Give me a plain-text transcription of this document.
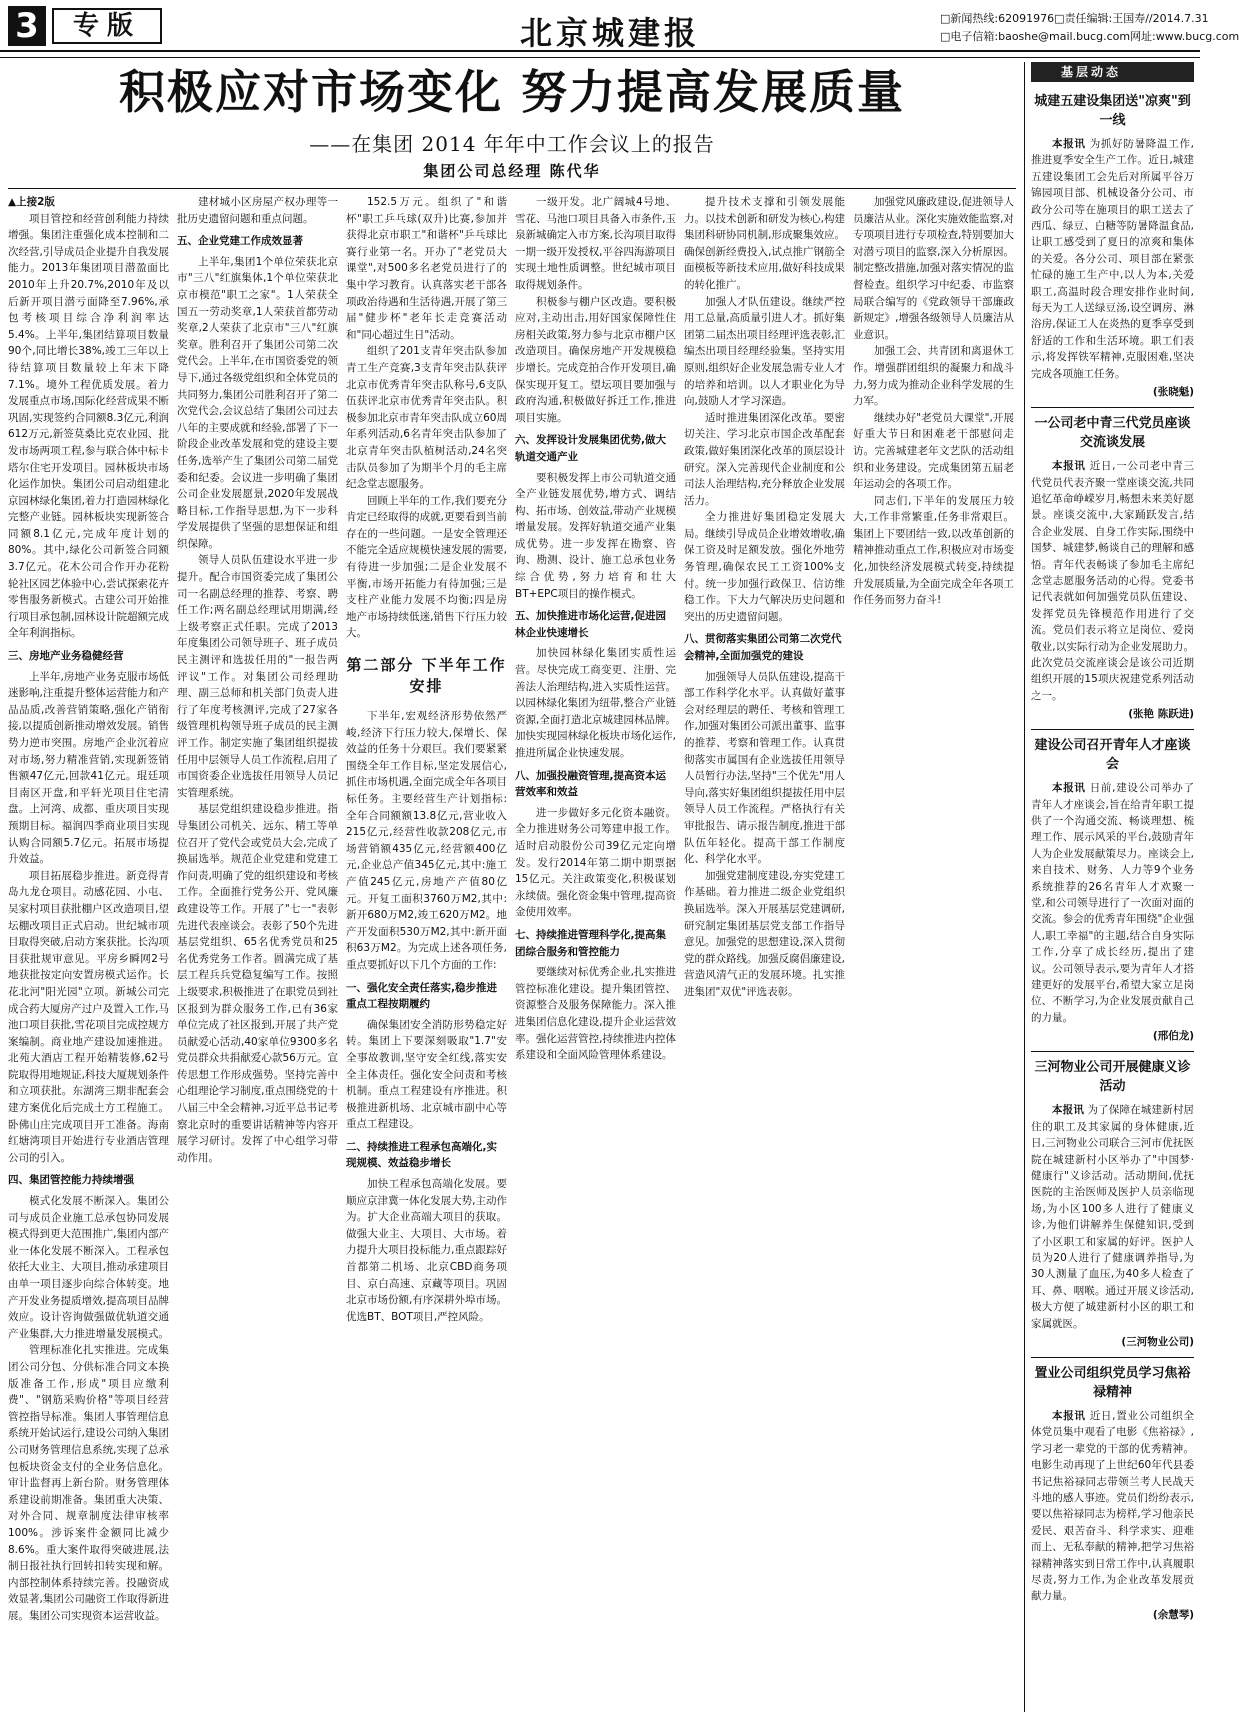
3	专版	北京城建报	□新闻热线:62091976 □责任编辑:王国寿 //2014.7.31
□电子信箱:baoshe@mail.bucg.com 网址:www.bucg.com
积极应对市场变化 努力提高发展质量
——在集团 2014 年年中工作会议上的报告
集团公司总经理 陈代华

▲上接2版

项目管控和经营创利能力持续增强。集团注重强化成本控制和二次经营,引导成员企业提升自我发展能力。2013年集团项目潜盈面比2010年上升20.7%,2010年及以后新开项目潜亏面降至7.96%,承包考核项目综合净利润率达5.4%。上半年,集团结算项目数量90个,同比增长38%,竣工三年以上待结算项目数量较上年末下降7.1%。境外工程优质发展。着力发展重点市场,国际化经营成果不断巩固,实现签约合同额8.3亿元,利润612万元,新签莫桑比克农业园、批发市场两项工程,参与联合体中标卡塔尔住宅开发项目。园林板块市场化运作加快。集团公司启动组建北京园林绿化集团,着力打造园林绿化完整产业链。园林板块实现新签合同额8.1亿元,完成年度计划的80%。其中,绿化公司新签合同额3.7亿元。花木公司合作开办花粉轮社区园艺体验中心,尝试探索花卉零售服务新模式。古建公司开始推行项目承包制,园林设计院超额完成全年利润指标。

三、房地产业务稳健经营

上半年,房地产业务克服市场低迷影响,注重提升整体运营能力和产品品质,改善营销策略,强化产销衔接,以提质创新推动增效发展。销售势力逆市突围。房地产企业沉着应对市场,努力精准营销,实现新签销售额47亿元,回款41亿元。琨廷项目南区开盘,和平轩光项目住宅清盘。上河湾、成都、重庆项目实现预期目标。福润四季商业项目实现认购合同额5.7亿元。拓展市场提升效益。

项目拓展稳步推进。新竞得青岛九龙仓项目。动感花园、小屯、吴家村项目获批棚户区改造项目,望坛棚改项目正式启动。世纪城市项目取得突破,启动方案获批。长沟项目获批规审意见。平房乡瞬网2号地获批按定向安置房模式运作。长花北河"阳光园"立项。新城公司完成合药大厦房产过户及置入工作,马池口项目获批,雪花项目完成控规方案编制。商业地产建设加速推进。北苑大酒店工程开始精装修,62号院取得用地规证,科技大厦规划条件和立项获批。东湖湾三期非配套会建方案优化后完成土方工程施工。卧佛山庄完成项目开工准备。海南红塘湾项目开始进行专业酒店管理公司的引入。

四、集团管控能力持续增强

模式化发展不断深入。集团公司与成员企业施工总承包协同发展模式得到更大范围推广,集团内部产业一体化发展不断深入。工程承包依托大业主、大项目,推动承建项目由单一项目逐步向综合体转变。地产开发业务提质增效,提高项目品牌效应。设计咨询做强做优轨道交通产业集群,大力推进增量发展模式。

管理标准化扎实推进。完成集团公司分包、分供标准合同文本换版准备工作,形成"项目应缴利费"、"钢筋采购价格"等项目经营管控指导标准。集团人事管理信息系统开始试运行,建设公司纳入集团公司财务管理信息系统,实现了总承包板块资金支付的全业务信息化。审计监督再上新台阶。财务管理体系建设前期准备。集团重大决策、对外合同、规章制度法律审核率100%。涉诉案件金额同比减少8.6%。重大案件取得突破进展,法制日报社执行回转扣转实现和解。内部控制体系持续完善。投融资成效显著,集团公司融资工作取得新进展。集团公司实现资本运营收益。

建材城小区房屋产权办理等一批历史遗留问题和重点问题。

五、企业党建工作成效显著

上半年,集团1个单位荣获北京市"三八"红旗集体,1个单位荣获北京市模范"职工之家"。1人荣获全国五一劳动奖章,1人荣获首都劳动奖章,2人荣获了北京市"三八"红旗奖章。胜利召开了集团公司第二次党代会。上半年,在市国资委党的领导下,通过各级党组织和全体党员的共同努力,集团公司胜利召开了第二次党代会,会议总结了集团公司过去八年的主要成就和经验,部署了下一阶段企业改革发展和党的建设主要任务,选举产生了集团公司第二届党委和纪委。会议进一步明确了集团公司企业发展愿景,2020年发展战略目标,工作指导思想,为下一步科学发展提供了坚强的思想保证和组织保障。

领导人员队伍建设水平进一步提升。配合市国资委完成了集团公司一名副总经理的推荐、考察、聘任工作;两名副总经理试用期满,经上级考察正式任职。完成了2013年度集团公司领导班子、班子成员民主测评和选拔任用的"一报告两评议"工作。对集团公司经理助理、副三总师和机关部门负责人进行了年度考核测评,完成了27家各级管理机构领导班子成员的民主测评工作。制定实施了集团组织提拔任用中层领导人员工作流程,启用了市国资委企业选拔任用领导人员记实管理系统。

基层党组织建设稳步推进。指导集团公司机关、远东、精工等单位召开了党代会或党员大会,完成了换届选举。规范企业党建和党建工作问责,明确了党的组织建设和考核工作。全面推行党务公开、党风廉政建设等工作。开展了"七一"表彰先进代表座谈会。表彰了50个先进基层党组织、65名优秀党员和25名优秀党务工作者。圆满完成了基层工程兵兵党稳复编写工作。按照上级要求,积极推进了在职党员到社区报到为群众服务工作,已有36家单位完成了社区报到,开展了共产党员献爱心活动,40家单位9300多名党员群众共捐献爱心款56万元。宣传思想工作形成强势。坚持完善中心组理论学习制度,重点围绕党的十八届三中全会精神,习近平总书记考察北京时的重要讲话精神等内容开展学习研讨。发挥了中心组学习带动作用。

152.5万元。组织了"和谐杯"职工乒乓球(双升)比赛,参加并获得北京市职工"和谐杯"乒乓球比赛行业第一名。开办了"老党员大课堂",对500多名老党员进行了的集中学习教育。认真落实老干部各项政治待遇和生活待遇,开展了第三届"健步杯"老年长走竞赛活动和"同心超过生日"活动。

组织了201支青年突击队参加青工生产竞赛,3支青年突击队获评北京市优秀青年突击队称号,6支队伍获评北京市优秀青年突击队。积极参加北京市青年突击队成立60周年系列活动,6名青年突击队参加了北京青年突击队植树活动,24名突击队员参加了为期半个月的毛主席纪念堂志愿服务。

回顾上半年的工作,我们要充分肯定已经取得的成就,更要看到当前存在的一些问题。一是安全管理还不能完全适应规模快速发展的需要,有待进一步加强;二是企业发展不平衡,市场开拓能力有待加强;三是支柱产业能力发展不均衡;四是房地产市场持续低迷,销售下行压力较大。

第二部分 下半年工作安排

下半年,宏观经济形势依然严峻,经济下行压力较大,保增长、保效益的任务十分艰巨。我们要紧紧围绕全年工作目标,坚定发展信心,抓住市场机遇,全面完成全年各项目标任务。主要经营生产计划指标:全年合同额额13.8亿元,营业收入215亿元,经营性收款208亿元,市场营销额435亿元,经营额400亿元,企业总产值345亿元,其中:施工产值245亿元,房地产产值80亿元。开复工面积3760万M2,其中:新开680万M2,竣工620万M2。地产开发面积530万M2,其中:新开面积63万M2。为完成上述各项任务,重点要抓好以下几个方面的工作:

一、强化安全责任落实,稳步推进重点工程按期履约

确保集团安全消防形势稳定好转。集团上下要深刻吸取"1.7"安全事故教训,坚守安全红线,落实安全主体责任。强化安全问责和考核机制。重点工程建设有序推进。积极推进新机场、北京城市副中心等重点工程建设。

二、持续推进工程承包高端化,实现规模、效益稳步增长

加快工程承包高端化发展。要顺应京津冀一体化发展大势,主动作为。扩大企业高端大项目的获取。做强大业主、大项目、大市场。着力提升大项目投标能力,重点跟踪好首都第二机场、北京CBD商务项目、京白高速、京藏等项目。巩固北京市场份额,有序深耕外埠市场。优选BT、BOT项目,严控风险。

一级开发。北广阔城4号地、雪花、马池口项目具备入市条件,玉泉新城确定入市方案,长沟项目取得一期一级开发授权,平谷四海游项目实现土地性质调整。世纪城市项目取得规划条件。

积极参与棚户区改造。要积极应对,主动出击,用好国家保障性住房相关政策,努力参与北京市棚户区改造项目。确保房地产开发规模稳步增长。完成竞拍合作开发项目,确保实现开复工。望坛项目要加强与政府沟通,积极做好拆迁工作,推进项目实施。

六、发挥设计发展集团优势,做大轨道交通产业

要积极发挥上市公司轨道交通全产业链发展优势,增方式、调结构、拓市场、创效益,带动产业规模增量发展。发挥好轨道交通产业集成优势。进一步发挥在勘察、咨询、勘测、设计、施工总承包业务综合优势,努力培育和壮大BT+EPC项目的操作模式。

五、加快推进市场化运营,促进园林企业快速增长

加快园林绿化集团实质性运营。尽快完成工商变更、注册、完善法人治理结构,进入实质性运营。以园林绿化集团为纽带,整合产业链资源,全面打造北京城建园林品牌。加快实现园林绿化板块市场化运作,推进所属企业快速发展。

八、加强投融资管理,提高资本运营效率和效益

进一步做好多元化资本融资。全力推进财务公司筹建申报工作。适时启动股份公司39亿元定向增发。发行2014年第二期中期票据15亿元。关注政策变化,积极谋划永续债。强化资金集中管理,提高资金使用效率。

七、持续推进管理科学化,提高集团综合服务和管控能力

要继续对标优秀企业,扎实推进管控标准化建设。提升集团管控、资源整合及服务保障能力。深入推进集团信息化建设,提升企业运营效率。强化运营管控,持续推进内控体系建设和全面风险管理体系建设。

提升技术支撑和引领发展能力。以技术创新和研发为核心,构建集团科研协同机制,形成聚集效应。确保创新经费投入,试点推广钢筋全面模板等新技术应用,做好科技成果的转化推广。

加强人才队伍建设。继续严控用工总量,高质量引进人才。抓好集团第二届杰出项目经理评选表彰,汇编杰出项目经理经验集。坚持实用原则,组织好企业发展急需专业人才的培养和培训。以人才职业化为导向,鼓励人才学习深造。

适时推进集团深化改革。要密切关注、学习北京市国企改革配套政策,做好集团深化改革的顶层设计研究。深入完善现代企业制度和公司法人治理结构,充分释放企业发展活力。

全力推进好集团稳定发展大局。继续引导成员企业增效增收,确保工资及时足额发放。强化外地劳务管理,确保农民工工资100%支付。统一步加强行政保卫、信访维稳工作。下大力气解决历史问题和突出的历史遗留问题。

八、贯彻落实集团公司第二次党代会精神,全面加强党的建设

加强领导人员队伍建设,提高干部工作科学化水平。认真做好董事会对经理层的聘任、考核和管理工作,加强对集团公司派出董事、监事的推荐、考察和管理工作。认真贯彻落实市属国有企业选拔任用领导人员暂行办法,坚持"三个优先"用人导向,落实好集团组织提拔任用中层领导人员工作流程。严格执行有关审批报告、请示报告制度,推进干部队伍年轻化。提高干部工作制度化、科学化水平。

加强党建制度建设,夯实党建工作基础。着力推进二级企业党组织换届选举。深入开展基层党建调研,研究制定集团基层党支部工作指导意见。加强党的思想建设,深入贯彻党的群众路线。加强反腐倡廉建设,营造风清气正的发展环境。扎实推进集团"双优"评选表彰。

加强党风廉政建设,促进领导人员廉洁从业。深化实施效能监察,对专项项目进行专项检查,特别要加大对潜亏项目的监察,深入分析原因。制定整改措施,加强对落实情况的监督检查。组织学习中纪委、市监察局联合编写的《党政领导干部廉政新规定》,增强各级领导人员廉洁从业意识。

加强工会、共青团和离退休工作。增强群团组织的凝聚力和战斗力,努力成为推动企业科学发展的生力军。

继续办好"老党员大课堂",开展好重大节日和困难老干部慰问走访。完善城建老年文艺队的活动组织和业务建设。完成集团第五届老年运动会的各项工作。

同志们,下半年的发展压力较大,工作非常繁重,任务非常艰巨。集团上下要团结一致,以改革创新的精神推动重点工作,积极应对市场变化,加快经济发展模式转变,持续提升发展质量,为全面完成全年各项工作任务而努力奋斗!

基层动态
城建五建设集团送"凉爽"到一线

本报讯 为抓好防暑降温工作,推进夏季安全生产工作。近日,城建五建设集团工会先后对所属平谷万锦园项目部、机械设备分公司、市政分公司等在施项目的职工送去了西瓜、绿豆、白糖等防暑降温食品,让职工感受到了夏日的凉爽和集体的关爱。各分公司、项目部在紧张忙碌的施工生产中,以人为本,关爱职工,高温时段合理安排作业时间,每天为工人送绿豆汤,设空调房、淋浴房,保证工人在炎热的夏季享受到舒适的工作和生活环境。职工们表示,将发挥铁军精神,克服困难,坚决完成各项施工任务。

(张晓魁)
一公司老中青三代党员座谈交流谈发展

本报讯 近日,一公司老中青三代党员代表齐聚一堂座谈交流,共同追忆革命峥嵘岁月,畅想未来美好愿景。座谈交流中,大家踊跃发言,结合企业发展、自身工作实际,围绕中国梦、城建梦,畅谈自己的理解和感悟。青年代表畅谈了参加毛主席纪念堂志愿服务活动的心得。党委书记代表就如何加强党员队伍建设、发挥党员先锋模范作用进行了交流。党员们表示将立足岗位、爱岗敬业,以实际行动为企业发展助力。此次党员交流座谈会是该公司近期组织开展的15项庆祝建党系列活动之一。

(张艳 陈跃进)
建设公司召开青年人才座谈会

本报讯 日前,建设公司举办了青年人才座谈会,旨在给青年职工提供了一个沟通交流、畅谈理想、梳理工作、展示风采的平台,鼓励青年人为企业发展献策尽力。座谈会上,来自技术、财务、人力等9个业务系统推荐的26名青年人才欢聚一堂,和公司领导进行了一次面对面的交流。参会的优秀青年围绕"企业强人,职工幸福"的主题,结合自身实际工作,分享了成长经历,提出了建议。公司领导表示,要为青年人才搭建更好的发展平台,希望大家立足岗位、不断学习,为企业发展贡献自己的力量。

(邢伯龙)
三河物业公司开展健康义诊活动

本报讯 为了保障在城建新村居住的职工及其家属的身体健康,近日,三河物业公司联合三河市优抚医院在城建新村小区举办了"中国梦·健康行"义诊活动。活动期间,优抚医院的主治医师及医护人员亲临现场,为小区100多人进行了健康义诊,为他们讲解养生保健知识,受到了小区职工和家属的好评。医护人员为20人进行了健康调养指导,为30人测量了血压,为40多人检查了耳、鼻、咽喉。通过开展义诊活动,极大方便了城建新村小区的职工和家属就医。

(三河物业公司)
置业公司组织党员学习焦裕禄精神

本报讯 近日,置业公司组织全体党员集中观看了电影《焦裕禄》,学习老一辈党的干部的优秀精神。电影生动再现了上世纪60年代县委书记焦裕禄同志带领兰考人民战天斗地的感人事迹。党员们纷纷表示,要以焦裕禄同志为榜样,学习他亲民爱民、艰苦奋斗、科学求实、迎难而上、无私奉献的精神,把学习焦裕禄精神落实到日常工作中,认真履职尽责,努力工作,为企业改革发展贡献力量。

(余慧琴)
